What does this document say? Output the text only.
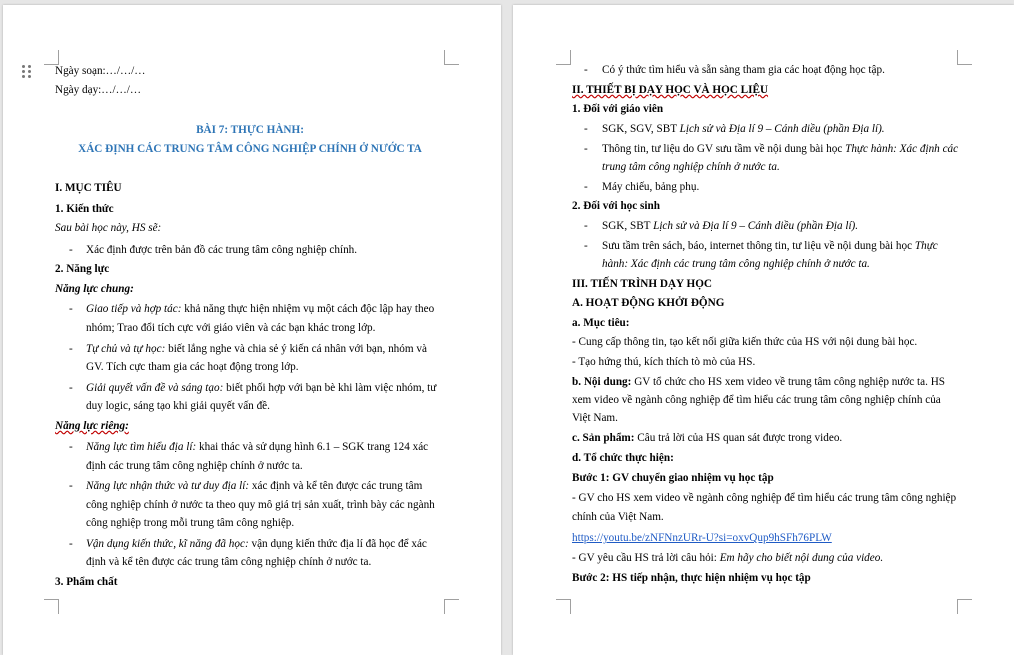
Ngày soạn:…/…/…
Ngày dạy:…/…/…
BÀI 7: THỰC HÀNH:
XÁC ĐỊNH CÁC TRUNG TÂM CÔNG NGHIỆP CHÍNH Ở NƯỚC TA
I. MỤC TIÊU
1. Kiến thức
Sau bài học này, HS sẽ:
- Xác định được trên bản đồ các trung tâm công nghiệp chính.
2. Năng lực
Năng lực chung:
- Giao tiếp và hợp tác: khả năng thực hiện nhiệm vụ một cách độc lập hay theo
nhóm; Trao đổi tích cực với giáo viên và các bạn khác trong lớp.
- Tự chủ và tự học: biết lắng nghe và chia sẻ ý kiến cá nhân với bạn, nhóm và
GV. Tích cực tham gia các hoạt động trong lớp.
- Giải quyết vấn đề và sáng tạo: biết phối hợp với bạn bè khi làm việc nhóm, tư
duy logic, sáng tạo khi giải quyết vấn đề.
Năng lực riêng:
- Năng lực tìm hiểu địa lí: khai thác và sử dụng hình 6.1 – SGK trang 124 xác
định các trung tâm công nghiệp chính ở nước ta.
- Năng lực nhận thức và tư duy địa lí: xác định và kể tên được các trung tâm
công nghiệp chính ở nước ta theo quy mô giá trị sản xuất, trình bày các ngành
công nghiệp trong mỗi trung tâm công nghiệp.
- Vận dụng kiến thức, kĩ năng đã học: vận dụng kiến thức địa lí đã học để xác
định và kể tên được các trung tâm công nghiệp chính ở nước ta.
3. Phẩm chất
- Có ý thức tìm hiểu và sẵn sàng tham gia các hoạt động học tập.
II. THIẾT BỊ DẠY HỌC VÀ HỌC LIỆU
1. Đối với giáo viên
- SGK, SGV, SBT Lịch sử và Địa lí 9 – Cánh diều (phần Địa lí).
- Thông tin, tư liệu do GV sưu tầm về nội dung bài học Thực hành: Xác định các
trung tâm công nghiệp chính ở nước ta.
- Máy chiếu, bảng phụ.
2. Đối với học sinh
- SGK, SBT Lịch sử và Địa lí 9 – Cánh diều (phần Địa lí).
- Sưu tầm trên sách, báo, internet thông tin, tư liệu về nội dung bài học Thực
hành: Xác định các trung tâm công nghiệp chính ở nước ta.
III. TIẾN TRÌNH DẠY HỌC
A. HOẠT ĐỘNG KHỞI ĐỘNG
a. Mục tiêu:
- Cung cấp thông tin, tạo kết nối giữa kiến thức của HS với nội dung bài học.
- Tạo hứng thú, kích thích tò mò của HS.
b. Nội dung: GV tổ chức cho HS xem video về trung tâm công nghiệp nước ta. HS
xem video về ngành công nghiệp để tìm hiểu các trung tâm công nghiệp chính của
Việt Nam.
c. Sản phẩm: Câu trả lời của HS quan sát được trong video.
d. Tổ chức thực hiện:
Bước 1: GV chuyển giao nhiệm vụ học tập
- GV cho HS xem video về ngành công nghiệp để tìm hiểu các trung tâm công nghiệp
chính của Việt Nam.
https://youtu.be/zNFNnzURr-U?si=oxvQup9hSFh76PLW
- GV yêu cầu HS trả lời câu hỏi: Em hãy cho biết nội dung của video.
Bước 2: HS tiếp nhận, thực hiện nhiệm vụ học tập
